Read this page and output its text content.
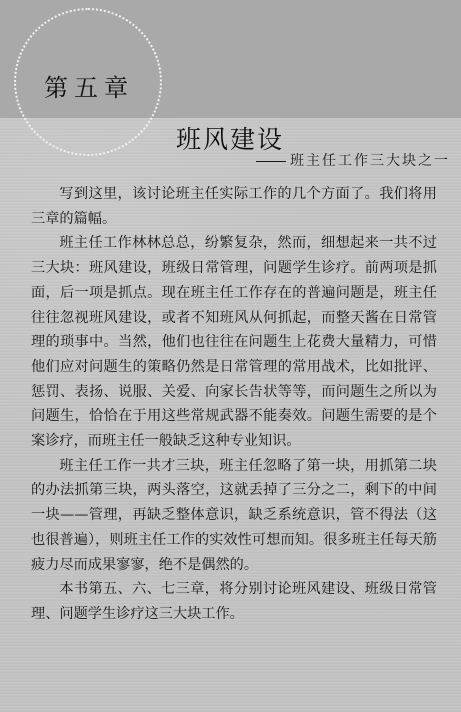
第五章
班风建设
班主任工作三大块之一

写到这里，该讨论班主任实际工作的几个方面了。我们将用三章的篇幅。

班主任工作林林总总，纷繁复杂，然而，细想起来一共不过三大块：班风建设，班级日常管理，问题学生诊疗。前两项是抓面，后一项是抓点。现在班主任工作存在的普遍问题是，班主任往往忽视班风建设，或者不知班风从何抓起，而整天酱在日常管理的琐事中。当然，他们也往往在问题生上花费大量精力，可惜他们应对问题生的策略仍然是日常管理的常用战术，比如批评、惩罚、表扬、说服、关爱、向家长告状等等，而问题生之所以为问题生，恰恰在于用这些常规武器不能奏效。问题生需要的是个案诊疗，而班主任一般缺乏这种专业知识。

班主任工作一共才三块，班主任忽略了第一块，用抓第二块的办法抓第三块，两头落空，这就丢掉了三分之二，剩下的中间一块——管理，再缺乏整体意识，缺乏系统意识，管不得法（这也很普遍），则班主任工作的实效性可想而知。很多班主任每天筋疲力尽而成果寥寥，绝不是偶然的。

本书第五、六、七三章，将分别讨论班风建设、班级日常管理、问题学生诊疗这三大块工作。
